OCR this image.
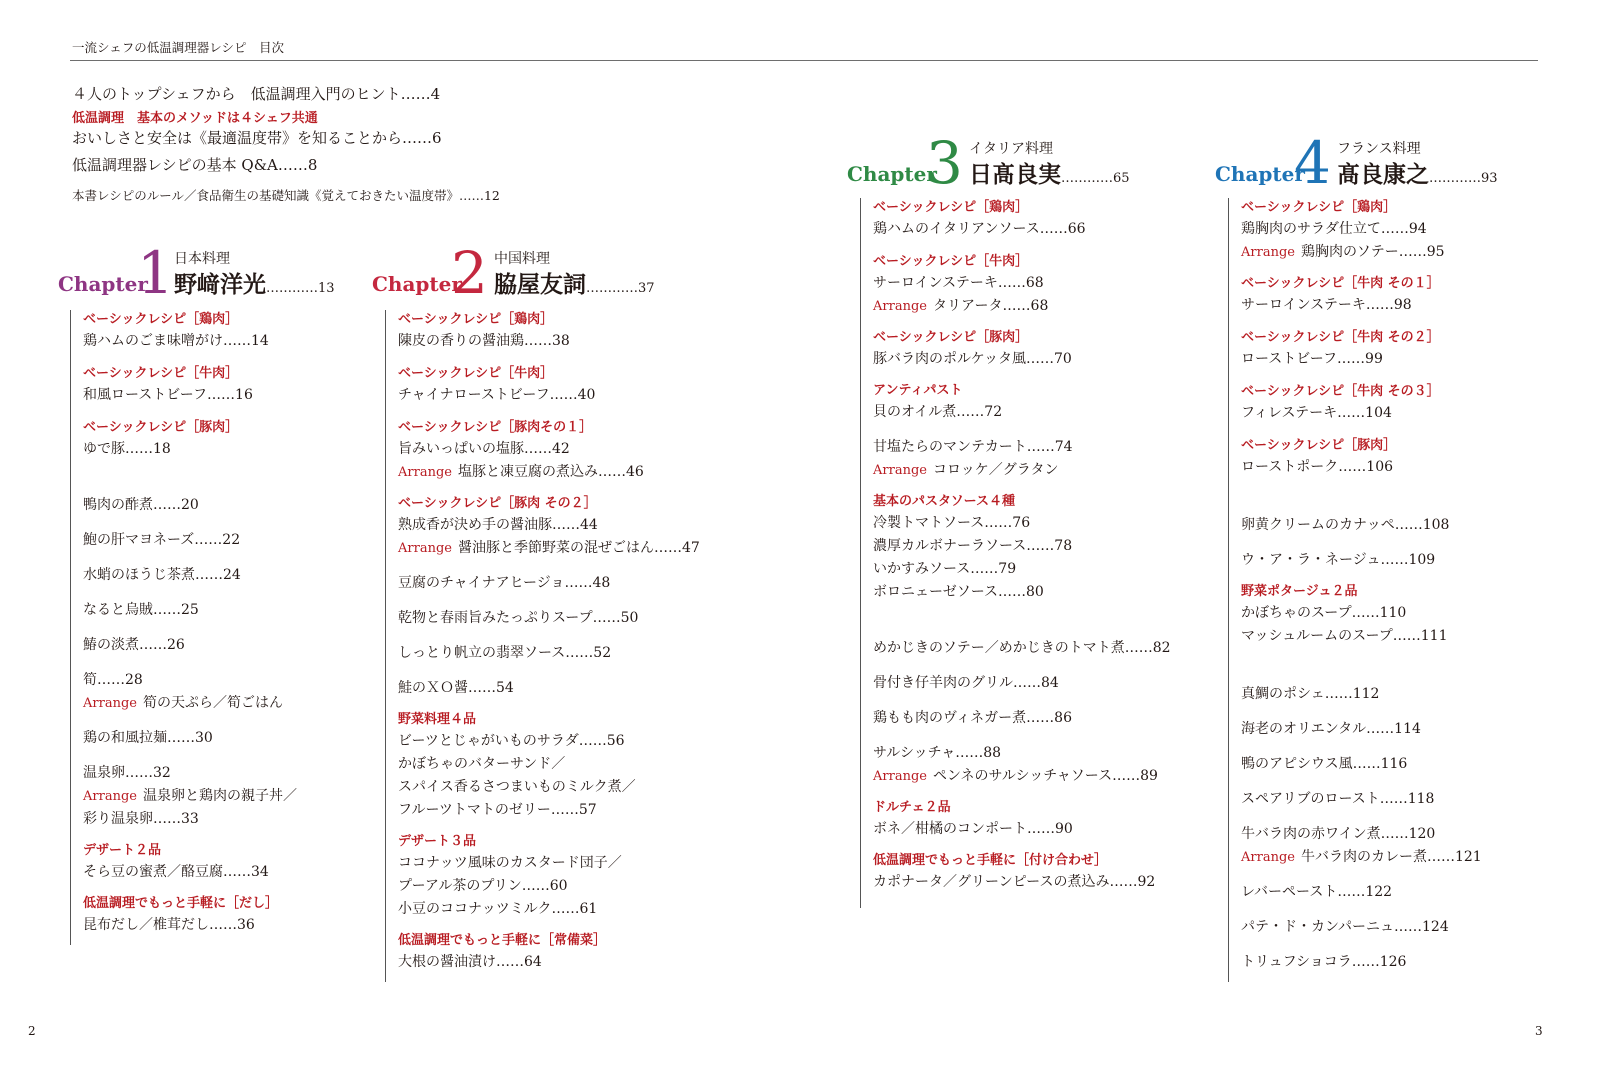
一流シェフの低温調理器レシピ　目次
４人のトップシェフから　低温調理入門のヒント……4
低温調理　基本のメソッドは４シェフ共通
おいしさと安全は《最適温度帯》を知ることから……6
低温調理器レシピの基本 Q&A……8
本書レシピのルール／食品衛生の基礎知識《覚えておきたい温度帯》……12
Chapter
1 日本料理
野﨑洋光…………13
ベーシックレシピ［鶏肉］
鶏ハムのごま味噌がけ……14
ベーシックレシピ［牛肉］
和風ローストビーフ……16
ベーシックレシピ［豚肉］
ゆで豚……18
鴨肉の酢煮……20
鮑の肝マヨネーズ……22
水蛸のほうじ茶煮……24
なると烏賊……25
鰆の淡煮……26
筍……28
Arrange 筍の天ぷら／筍ごはん
鶏の和風拉麺……30
温泉卵……32
Arrange 温泉卵と鶏肉の親子丼／
彩り温泉卵……33
デザート２品
そら豆の蜜煮／酪豆腐……34
低温調理でもっと手軽に［だし］
昆布だし／椎茸だし……36
Chapter
2 中国料理
脇屋友詞…………37
ベーシックレシピ［鶏肉］
陳皮の香りの醤油鶏……38
ベーシックレシピ［牛肉］
チャイナローストビーフ……40
ベーシックレシピ［豚肉その１］
旨みいっぱいの塩豚……42
Arrange 塩豚と凍豆腐の煮込み……46
ベーシックレシピ［豚肉 その２］
熟成香が決め手の醤油豚……44
Arrange 醤油豚と季節野菜の混ぜごはん……47
豆腐のチャイナアヒージョ……48
乾物と春雨旨みたっぷりスープ……50
しっとり帆立の翡翠ソース……52
鮭のＸＯ醤……54
野菜料理４品
ビーツとじゃがいものサラダ……56
かぼちゃのバターサンド／
スパイス香るさつまいものミルク煮／
フルーツトマトのゼリー……57
デザート３品
ココナッツ風味のカスタード団子／
プーアル茶のプリン……60
小豆のココナッツミルク……61
低温調理でもっと手軽に［常備菜］
大根の醤油漬け……64
Chapter
3 イタリア料理
日髙良実…………65
ベーシックレシピ［鶏肉］
鶏ハムのイタリアンソース……66
ベーシックレシピ［牛肉］
サーロインステーキ……68
Arrange タリアータ……68
ベーシックレシピ［豚肉］
豚バラ肉のポルケッタ風……70
アンティパスト
貝のオイル煮……72
甘塩たらのマンテカート……74
Arrange コロッケ／グラタン
基本のパスタソース４種
冷製トマトソース……76
濃厚カルボナーラソース……78
いかすみソース……79
ボロニェーゼソース……80
めかじきのソテー／めかじきのトマト煮……82
骨付き仔羊肉のグリル……84
鶏もも肉のヴィネガー煮……86
サルシッチャ……88
Arrange ペンネのサルシッチャソース……89
ドルチェ２品
ボネ／柑橘のコンポート……90
低温調理でもっと手軽に［付け合わせ］
カポナータ／グリーンピースの煮込み……92
Chapter
4 フランス料理
髙良康之…………93
ベーシックレシピ［鶏肉］
鶏胸肉のサラダ仕立て……94
Arrange 鶏胸肉のソテー……95
ベーシックレシピ［牛肉 その１］
サーロインステーキ……98
ベーシックレシピ［牛肉 その２］
ローストビーフ……99
ベーシックレシピ［牛肉 その３］
フィレステーキ……104
ベーシックレシピ［豚肉］
ローストポーク……106
卵黄クリームのカナッペ……108
ウ・ア・ラ・ネージュ……109
野菜ポタージュ２品
かぼちゃのスープ……110
マッシュルームのスープ……111
真鯛のポシェ……112
海老のオリエンタル……114
鴨のアピシウス風……116
スペアリブのロースト……118
牛バラ肉の赤ワイン煮……120
Arrange 牛バラ肉のカレー煮……121
レバーペースト……122
パテ・ド・カンパーニュ……124
トリュフショコラ……126
2	3
